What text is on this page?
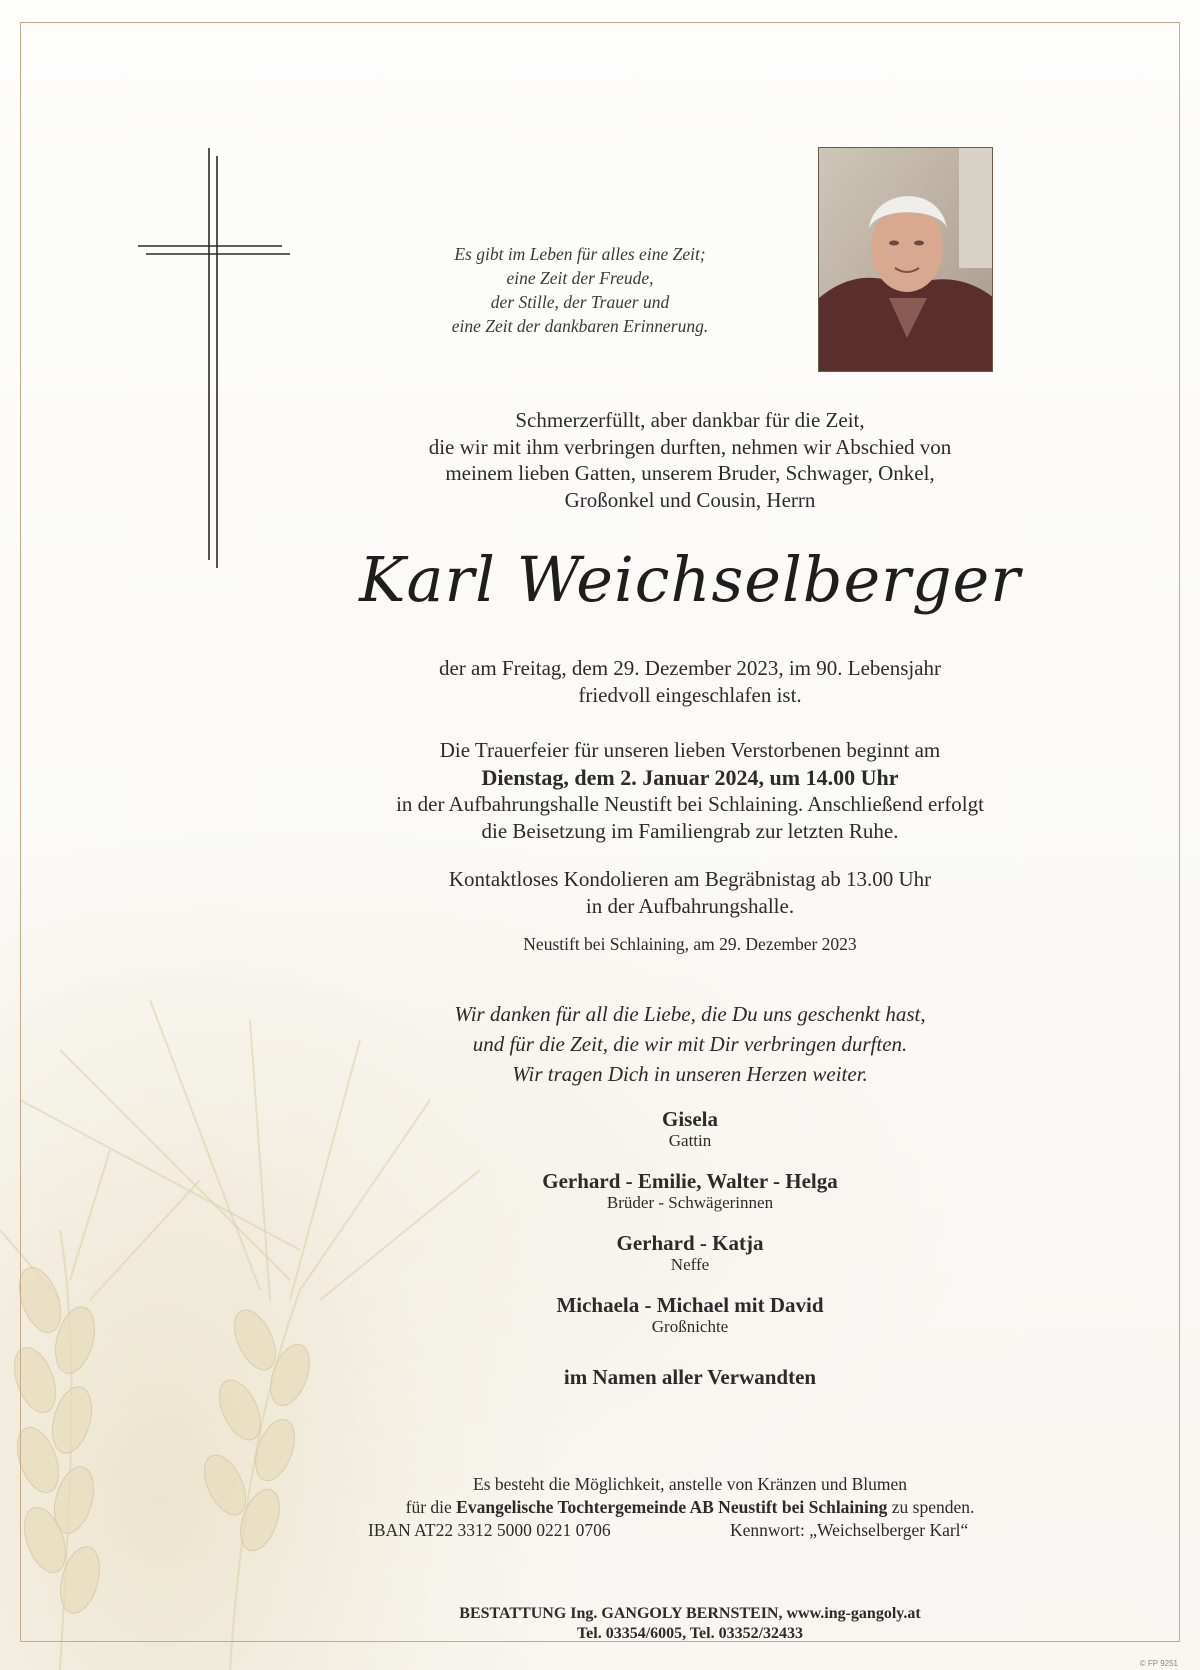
Es gibt im Leben für alles eine Zeit;
eine Zeit der Freude,
der Stille, der Trauer und
eine Zeit der dankbaren Erinnerung.
Schmerzerfüllt, aber dankbar für die Zeit,
die wir mit ihm verbringen durften, nehmen wir Abschied von
meinem lieben Gatten, unserem Bruder, Schwager, Onkel,
Großonkel und Cousin, Herrn
Karl Weichselberger
der am Freitag, dem 29. Dezember 2023, im 90. Lebensjahr
friedvoll eingeschlafen ist.
Die Trauerfeier für unseren lieben Verstorbenen beginnt am
Dienstag, dem 2. Januar 2024, um 14.00 Uhr
in der Aufbahrungshalle Neustift bei Schlaining. Anschließend erfolgt
die Beisetzung im Familiengrab zur letzten Ruhe.
Kontaktloses Kondolieren am Begräbnistag ab 13.00 Uhr
in der Aufbahrungshalle.
Neustift bei Schlaining, am 29. Dezember 2023
Wir danken für all die Liebe, die Du uns geschenkt hast,
und für die Zeit, die wir mit Dir verbringen durften.
Wir tragen Dich in unseren Herzen weiter.
Gisela
Gattin
Gerhard - Emilie, Walter - Helga
Brüder - Schwägerinnen
Gerhard - Katja
Neffe
Michaela - Michael mit David
Großnichte
im Namen aller Verwandten
Es besteht die Möglichkeit, anstelle von Kränzen und Blumen
für die Evangelische Tochtergemeinde AB Neustift bei Schlaining zu spenden.
IBAN AT22 3312 5000 0221 0706	Kennwort: „Weichselberger Karl“
BESTATTUNG Ing. GANGOLY BERNSTEIN, www.ing-gangoly.at
Tel. 03354/6005, Tel. 03352/32433
© FP 9251
